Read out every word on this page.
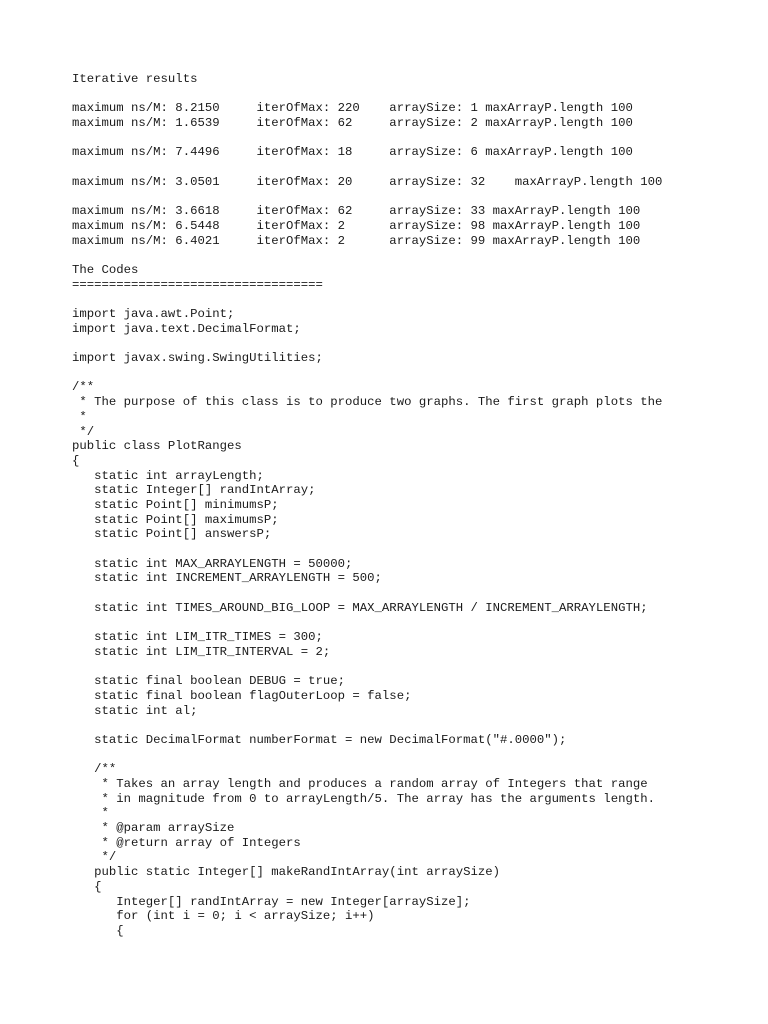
Iterative results
maximum ns/M: 8.2150     iterOfMax: 220    arraySize: 1 maxArrayP.length 100
maximum ns/M: 1.6539     iterOfMax: 62     arraySize: 2 maxArrayP.length 100
maximum ns/M: 7.4496     iterOfMax: 18     arraySize: 6 maxArrayP.length 100
maximum ns/M: 3.0501     iterOfMax: 20     arraySize: 32    maxArrayP.length 100
maximum ns/M: 3.6618     iterOfMax: 62     arraySize: 33 maxArrayP.length 100
maximum ns/M: 6.5448     iterOfMax: 2      arraySize: 98 maxArrayP.length 100
maximum ns/M: 6.4021     iterOfMax: 2      arraySize: 99 maxArrayP.length 100
The Codes
==================================
import java.awt.Point;
import java.text.DecimalFormat;
import javax.swing.SwingUtilities;
/**
* The purpose of this class is to produce two graphs. The first graph plots the
*
*/
public class PlotRanges
{
static int arrayLength;
static Integer[] randIntArray;
static Point[] minimumsP;
static Point[] maximumsP;
static Point[] answersP;
static int MAX_ARRAYLENGTH = 50000;
static int INCREMENT_ARRAYLENGTH = 500;
static int TIMES_AROUND_BIG_LOOP = MAX_ARRAYLENGTH / INCREMENT_ARRAYLENGTH;
static int LIM_ITR_TIMES = 300;
static int LIM_ITR_INTERVAL = 2;
static final boolean DEBUG = true;
static final boolean flagOuterLoop = false;
static int al;
static DecimalFormat numberFormat = new DecimalFormat("#.0000");
/**
* Takes an array length and produces a random array of Integers that range
* in magnitude from 0 to arrayLength/5. The array has the arguments length.
*
* @param arraySize
* @return array of Integers
*/
public static Integer[] makeRandIntArray(int arraySize)
{
Integer[] randIntArray = new Integer[arraySize];
for (int i = 0; i < arraySize; i++)
{
